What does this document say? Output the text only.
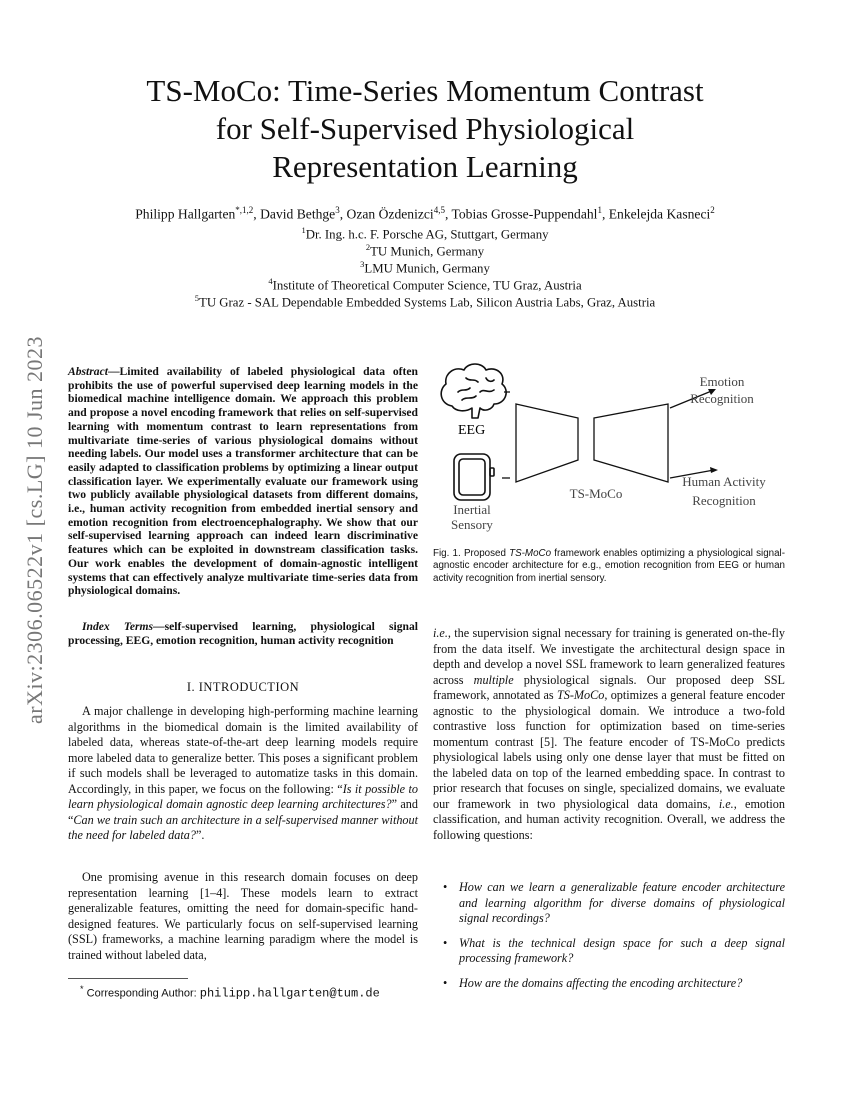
arXiv:2306.06522v1 [cs.LG] 10 Jun 2023
TS-MoCo: Time-Series Momentum Contrast
for Self-Supervised Physiological
Representation Learning
Philipp Hallgarten$^{*,1,2}$, David Bethge$^3$, Ozan Özdenizci$^{4,5}$, Tobias Grosse-Puppendahl$^1$, Enkelejda Kasneci$^2$
$^1$Dr. Ing. h.c. F. Porsche AG, Stuttgart, Germany
$^2$TU Munich, Germany
$^3$LMU Munich, Germany
$^4$Institute of Theoretical Computer Science, TU Graz, Austria
$^5$TU Graz - SAL Dependable Embedded Systems Lab, Silicon Austria Labs, Graz, Austria
Abstract—Limited availability of labeled physiological data often prohibits the use of powerful supervised deep learning models in the biomedical machine intelligence domain. We approach this problem and propose a novel encoding framework that relies on self-supervised learning with momentum contrast to learn representations from multivariate time-series of various physiological domains without needing labels. Our model uses a transformer architecture that can be easily adapted to classification problems by optimizing a linear output classification layer. We experimentally evaluate our framework using two publicly available physiological datasets from different domains, i.e., human activity recognition from embedded inertial sensory and emotion recognition from electroencephalography. We show that our self-supervised learning approach can indeed learn discriminative features which can be exploited in downstream classification tasks. Our work enables the development of domain-agnostic intelligent systems that can effectively analyze multivariate time-series data from physiological domains.
Index Terms—self-supervised learning, physiological signal processing, EEG, emotion recognition, human activity recognition
I. INTRODUCTION
A major challenge in developing high-performing machine learning algorithms in the biomedical domain is the limited availability of labeled data, whereas state-of-the-art deep learning models require more labeled data to generalize better. This poses a significant problem if such models shall be leveraged to automatize tasks in this domain. Accordingly, in this paper, we focus on the following: “Is it possible to learn physiological domain agnostic deep learning architectures?” and “Can we train such an architecture in a self-supervised manner without the need for labeled data?”.
One promising avenue in this research domain focuses on deep representation learning [1–4]. These models learn to extract generalizable features, omitting the need for domain-specific hand-designed features. We particularly focus on self-supervised learning (SSL) frameworks, a machine learning paradigm where the model is trained without labeled data,
* Corresponding Author: philipp.hallgarten@tum.de
EEG
Inertial
Sensory
TS-MoCo
Emotion
Recognition
Human Activity
Recognition
Fig. 1. Proposed TS-MoCo framework enables optimizing a physiological signal-agnostic encoder architecture for e.g., emotion recognition from EEG or human activity recognition from inertial sensory.
i.e., the supervision signal necessary for training is generated on-the-fly from the data itself. We investigate the architectural design space in depth and develop a novel SSL framework to learn generalized features across multiple physiological signals. Our proposed deep SSL framework, annotated as TS-MoCo, optimizes a general feature encoder agnostic to the physiological domain. We introduce a two-fold contrastive loss function for optimization based on time-series momentum contrast [5]. The feature encoder of TS-MoCo predicts physiological labels using only one dense layer that must be fitted on the labeled data on top of the learned embedding space. In contrast to prior research that focuses on single, specialized domains, we evaluate our framework in two physiological data domains, i.e., emotion classification, and human activity recognition. Overall, we address the following questions:
• How can we learn a generalizable feature encoder architecture and learning algorithm for diverse domains of physiological signal recordings?
• What is the technical design space for such a deep signal processing framework?
• How are the domains affecting the encoding architecture?
